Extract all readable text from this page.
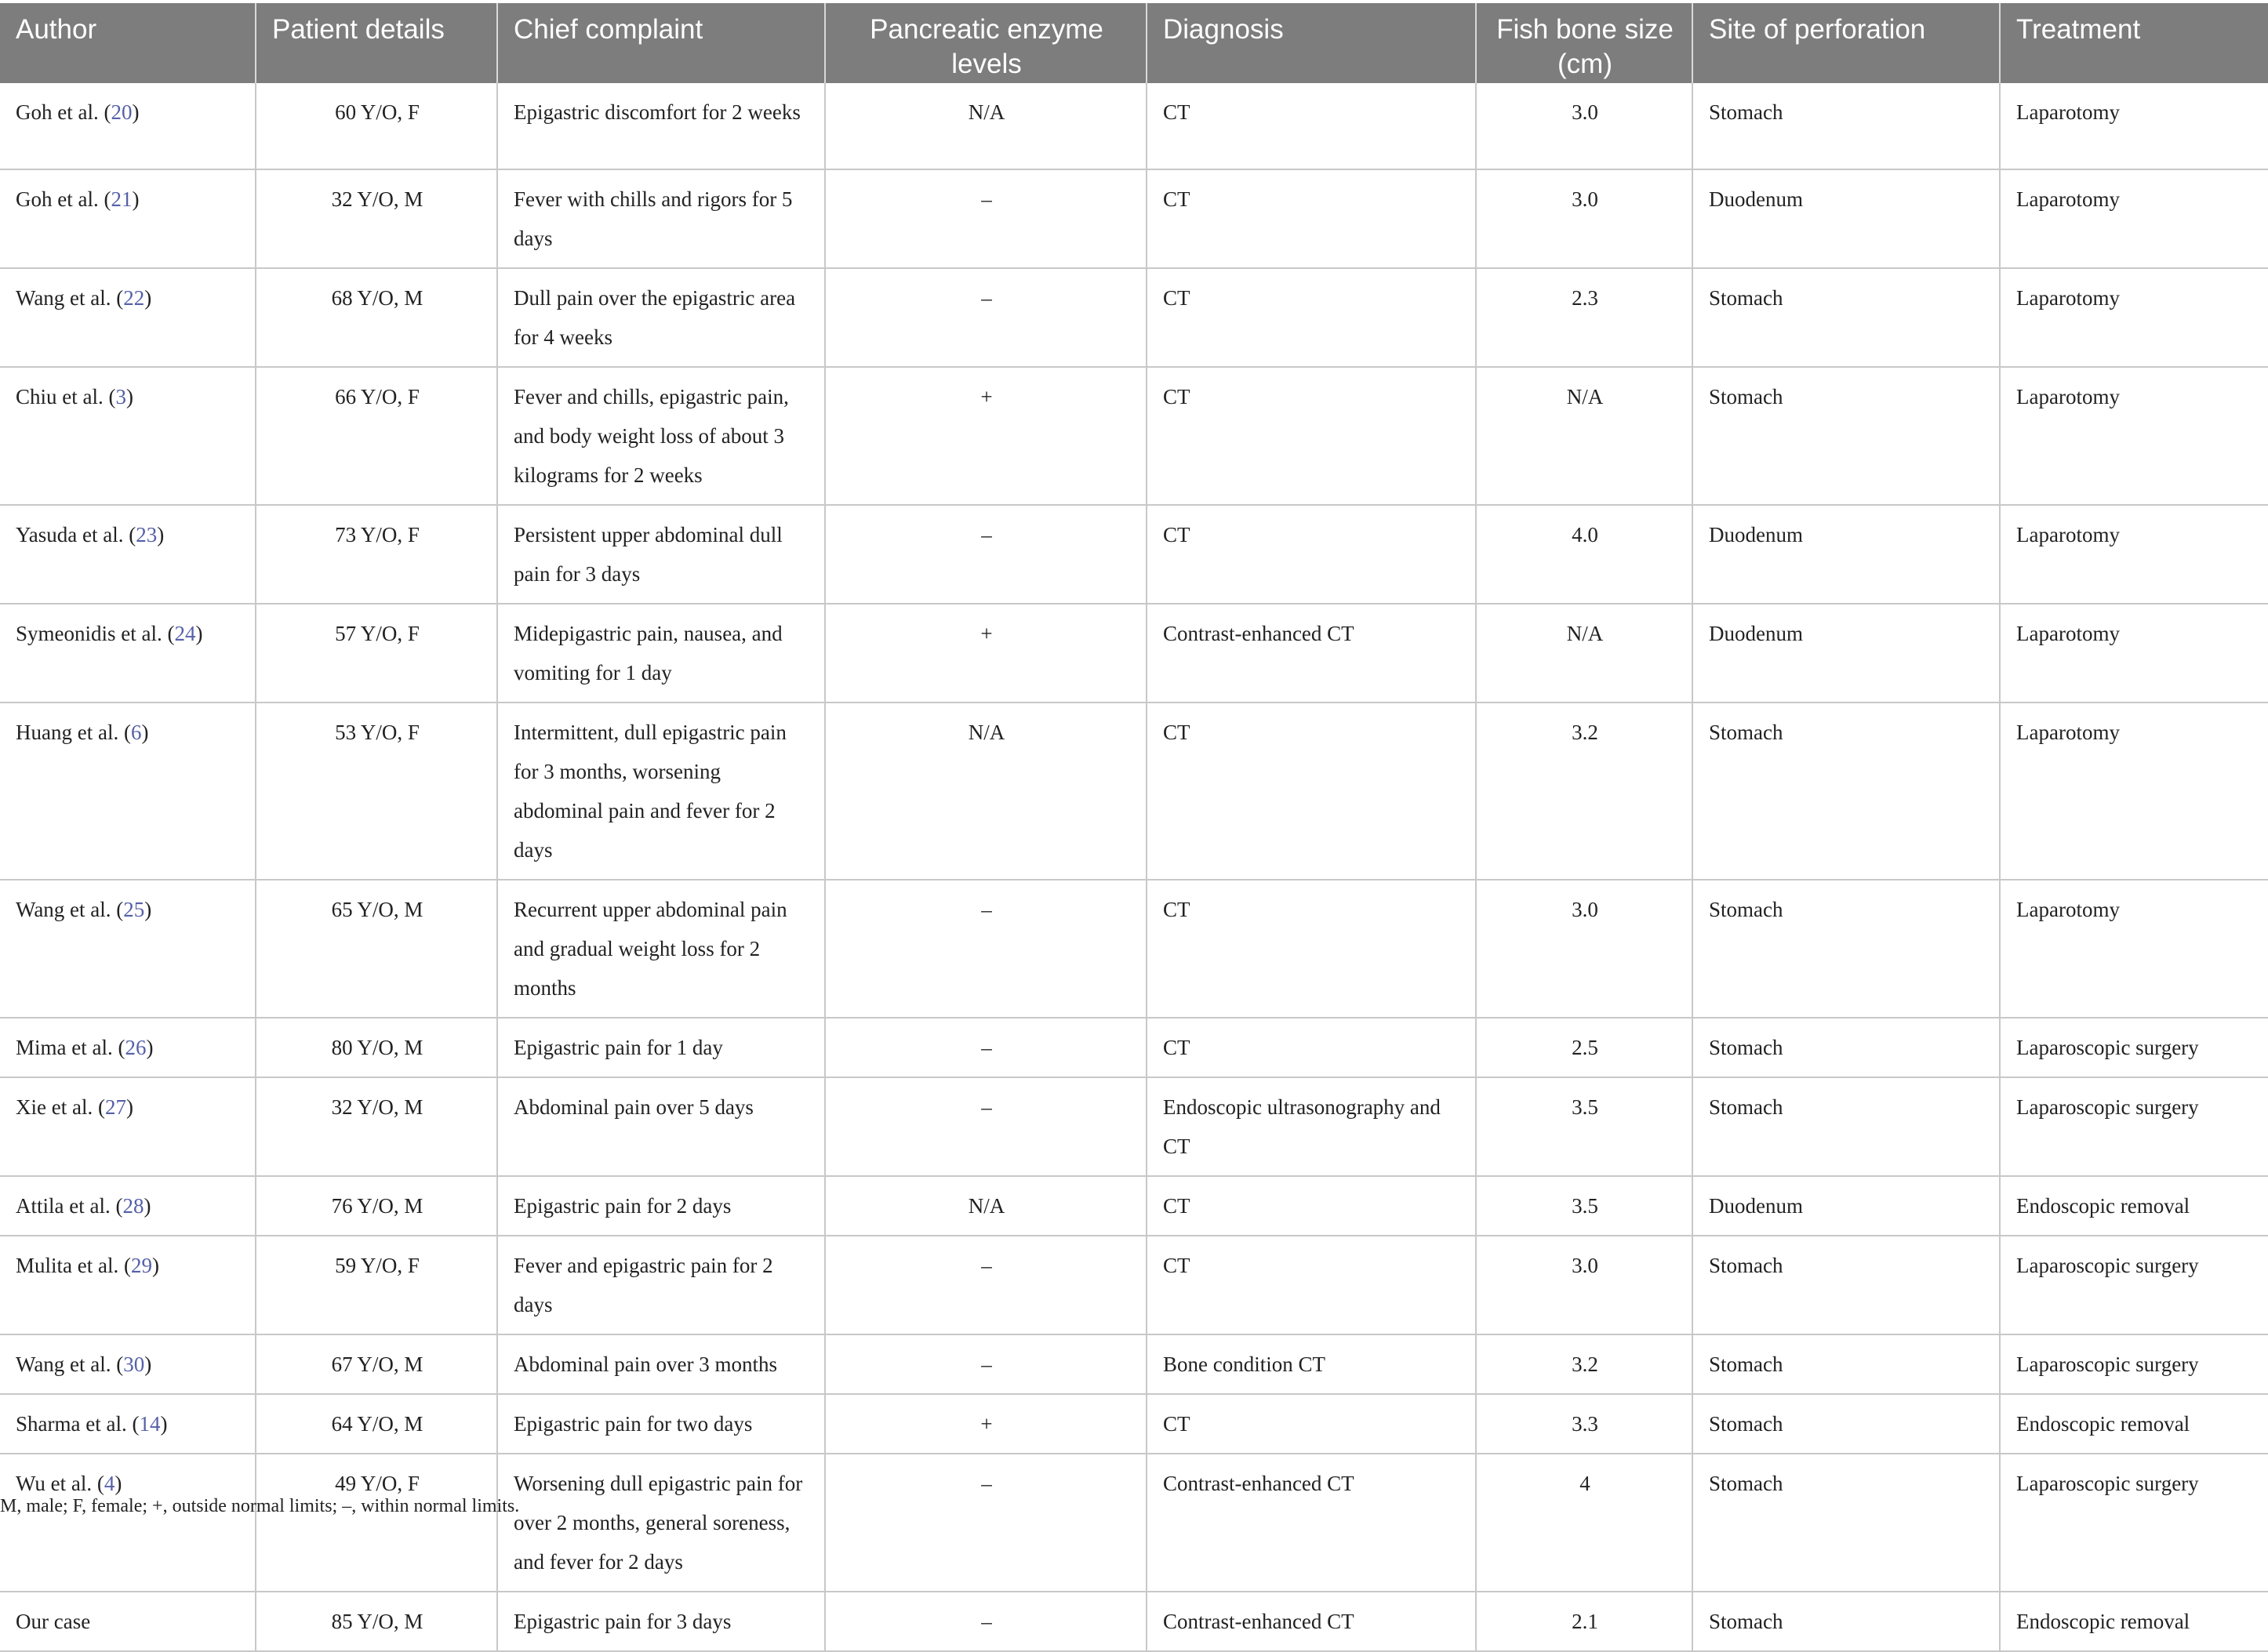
Author	Patient details	Chief complaint	Pancreatic enzyme levels	Diagnosis	Fish bone size (cm)	Site of perforation	Treatment
Goh et al. (20)	60 Y/O, F	Epigastric discomfort for 2 weeks	N/A	CT	3.0	Stomach	Laparotomy
Goh et al. (21)	32 Y/O, M	Fever with chills and rigors for 5 days	–	CT	3.0	Duodenum	Laparotomy
Wang et al. (22)	68 Y/O, M	Dull pain over the epigastric area for 4 weeks	–	CT	2.3	Stomach	Laparotomy
Chiu et al. (3)	66 Y/O, F	Fever and chills, epigastric pain, and body weight loss of about 3 kilograms for 2 weeks	+	CT	N/A	Stomach	Laparotomy
Yasuda et al. (23)	73 Y/O, F	Persistent upper abdominal dull pain for 3 days	–	CT	4.0	Duodenum	Laparotomy
Symeonidis et al. (24)	57 Y/O, F	Midepigastric pain, nausea, and vomiting for 1 day	+	Contrast-enhanced CT	N/A	Duodenum	Laparotomy
Huang et al. (6)	53 Y/O, F	Intermittent, dull epigastric pain for 3 months, worsening abdominal pain and fever for 2 days	N/A	CT	3.2	Stomach	Laparotomy
Wang et al. (25)	65 Y/O, M	Recurrent upper abdominal pain and gradual weight loss for 2 months	–	CT	3.0	Stomach	Laparotomy
Mima et al. (26)	80 Y/O, M	Epigastric pain for 1 day	–	CT	2.5	Stomach	Laparoscopic surgery
Xie et al. (27)	32 Y/O, M	Abdominal pain over 5 days	–	Endoscopic ultrasonography and CT	3.5	Stomach	Laparoscopic surgery
Attila et al. (28)	76 Y/O, M	Epigastric pain for 2 days	N/A	CT	3.5	Duodenum	Endoscopic removal
Mulita et al. (29)	59 Y/O, F	Fever and epigastric pain for 2 days	–	CT	3.0	Stomach	Laparoscopic surgery
Wang et al. (30)	67 Y/O, M	Abdominal pain over 3 months	–	Bone condition CT	3.2	Stomach	Laparoscopic surgery
Sharma et al. (14)	64 Y/O, M	Epigastric pain for two days	+	CT	3.3	Stomach	Endoscopic removal
Wu et al. (4)	49 Y/O, F	Worsening dull epigastric pain for over 2 months, general soreness, and fever for 2 days	–	Contrast-enhanced CT	4	Stomach	Laparoscopic surgery
Our case	85 Y/O, M	Epigastric pain for 3 days	–	Contrast-enhanced CT	2.1	Stomach	Endoscopic removal
M, male; F, female; +, outside normal limits; –, within normal limits.
